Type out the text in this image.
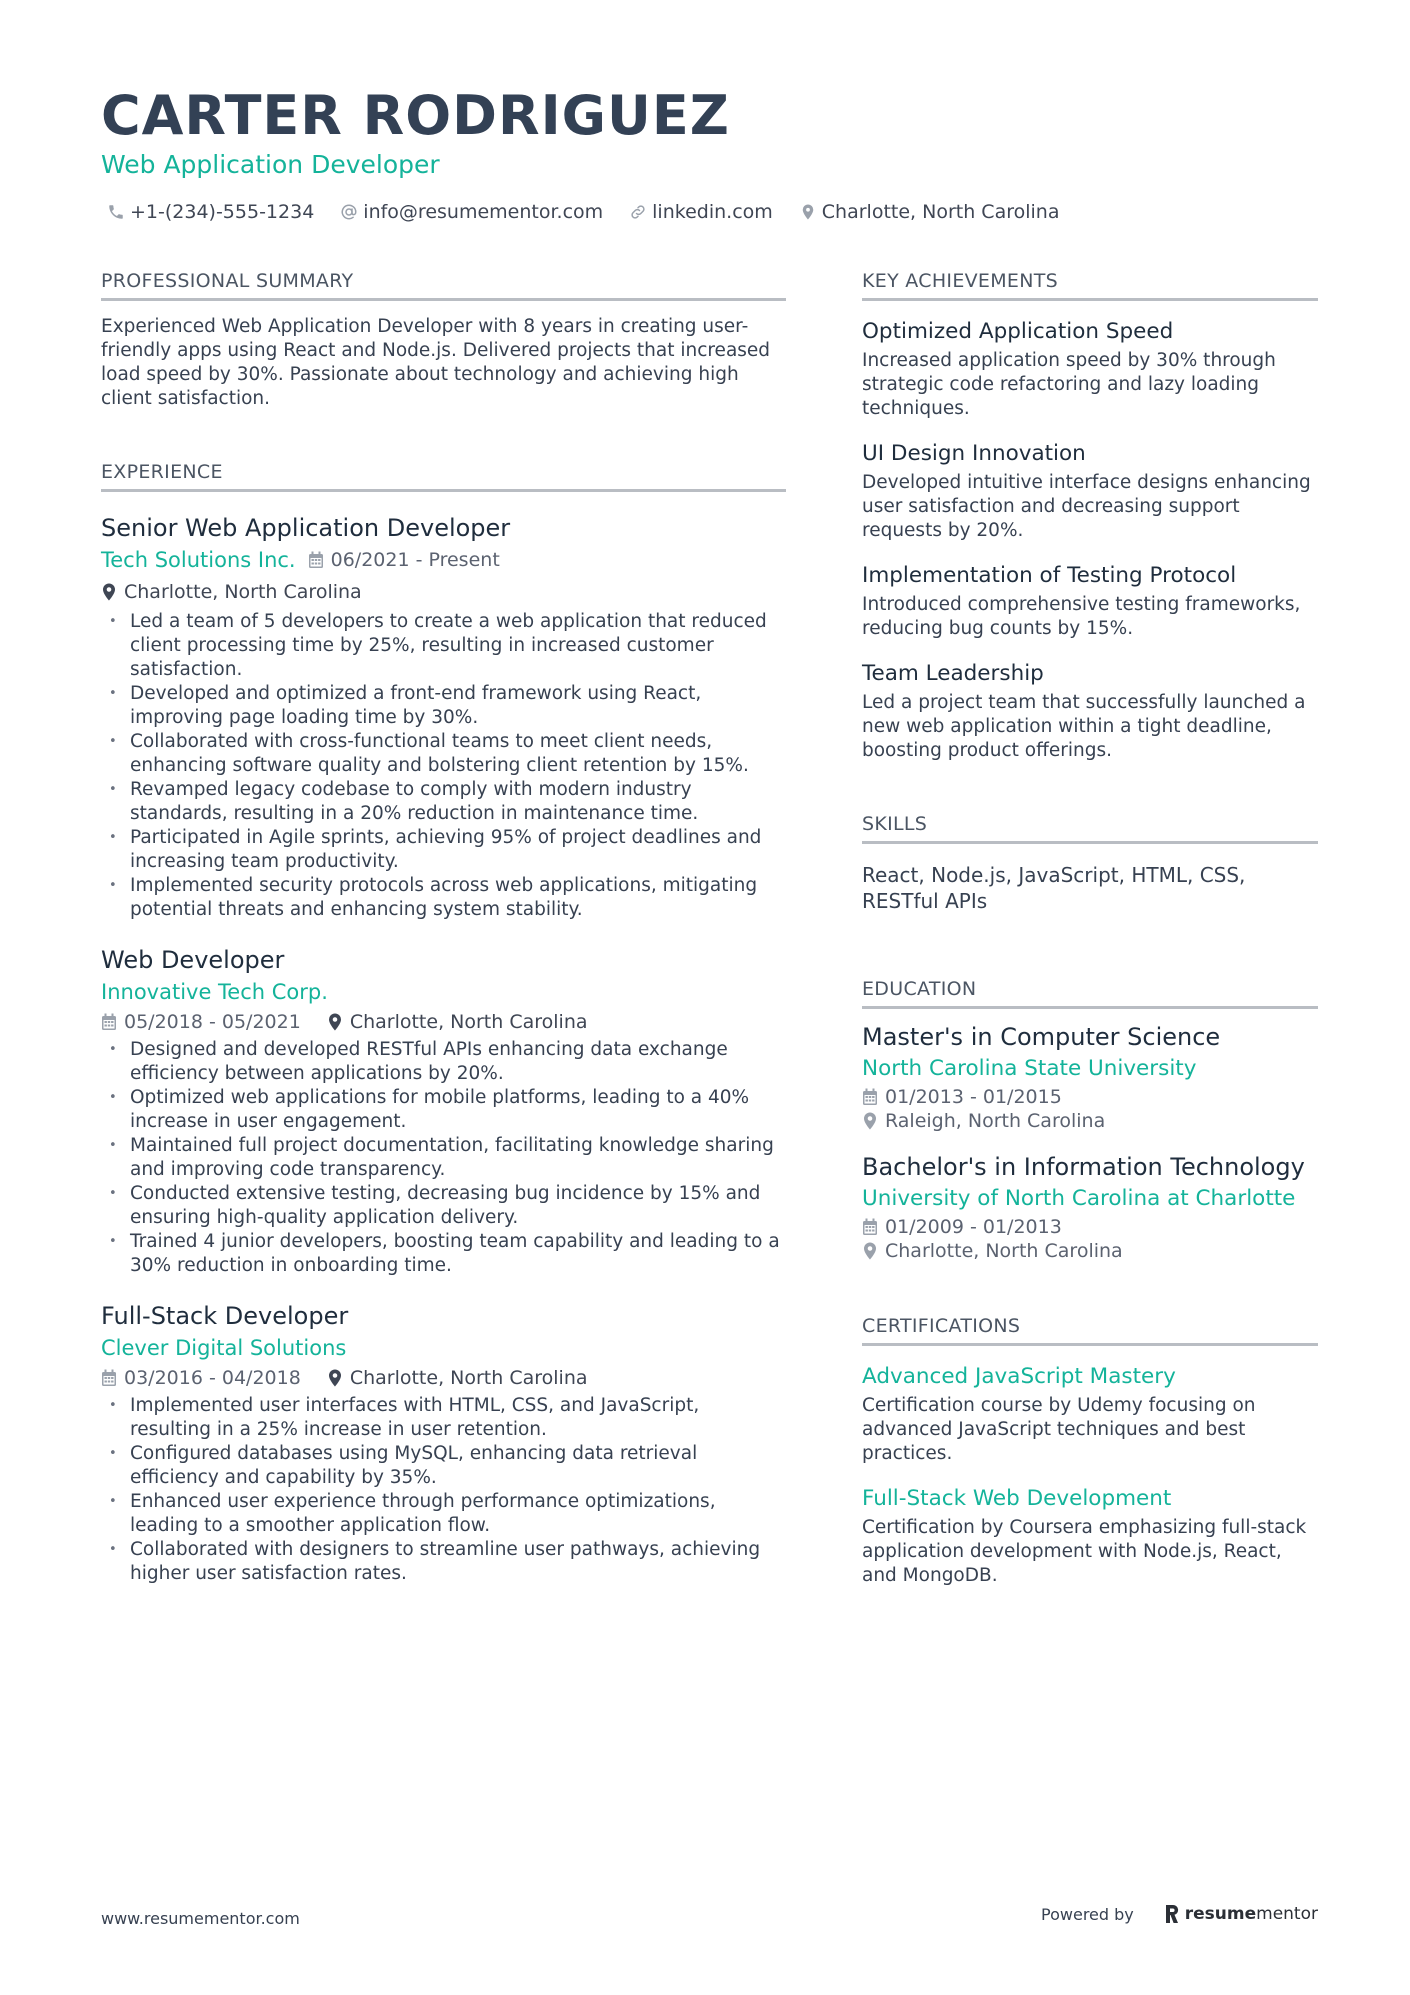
CARTER RODRIGUEZ
Web Application Developer
+1-(234)-555-1234	info@resumementor.com	linkedin.com	Charlotte, North Carolina
PROFESSIONAL SUMMARY
Experienced Web Application Developer with 8 years in creating user-friendly apps using React and Node.js. Delivered projects that increased load speed by 30%. Passionate about technology and achieving high client satisfaction.
EXPERIENCE
Senior Web Application Developer
Tech Solutions Inc. 06/2021 - Present
Charlotte, North Carolina
• Led a team of 5 developers to create a web application that reduced client processing time by 25%, resulting in increased customer satisfaction.
• Developed and optimized a front-end framework using React, improving page loading time by 30%.
• Collaborated with cross-functional teams to meet client needs, enhancing software quality and bolstering client retention by 15%.
• Revamped legacy codebase to comply with modern industry standards, resulting in a 20% reduction in maintenance time.
• Participated in Agile sprints, achieving 95% of project deadlines and increasing team productivity.
• Implemented security protocols across web applications, mitigating potential threats and enhancing system stability.
Web Developer
Innovative Tech Corp.
05/2018 - 05/2021	Charlotte, North Carolina
• Designed and developed RESTful APIs enhancing data exchange efficiency between applications by 20%.
• Optimized web applications for mobile platforms, leading to a 40% increase in user engagement.
• Maintained full project documentation, facilitating knowledge sharing and improving code transparency.
• Conducted extensive testing, decreasing bug incidence by 15% and ensuring high-quality application delivery.
• Trained 4 junior developers, boosting team capability and leading to a 30% reduction in onboarding time.
Full-Stack Developer
Clever Digital Solutions
03/2016 - 04/2018	Charlotte, North Carolina
• Implemented user interfaces with HTML, CSS, and JavaScript, resulting in a 25% increase in user retention.
• Configured databases using MySQL, enhancing data retrieval efficiency and capability by 35%.
• Enhanced user experience through performance optimizations, leading to a smoother application flow.
• Collaborated with designers to streamline user pathways, achieving higher user satisfaction rates.
KEY ACHIEVEMENTS
Optimized Application Speed
Increased application speed by 30% through strategic code refactoring and lazy loading techniques.
UI Design Innovation
Developed intuitive interface designs enhancing user satisfaction and decreasing support requests by 20%.
Implementation of Testing Protocol
Introduced comprehensive testing frameworks, reducing bug counts by 15%.
Team Leadership
Led a project team that successfully launched a new web application within a tight deadline, boosting product offerings.
SKILLS
React, Node.js, JavaScript, HTML, CSS, RESTful APIs
EDUCATION
Master's in Computer Science
North Carolina State University
01/2013 - 01/2015
Raleigh, North Carolina
Bachelor's in Information Technology
University of North Carolina at Charlotte
01/2009 - 01/2013
Charlotte, North Carolina
CERTIFICATIONS
Advanced JavaScript Mastery
Certification course by Udemy focusing on advanced JavaScript techniques and best practices.
Full-Stack Web Development
Certification by Coursera emphasizing full-stack application development with Node.js, React, and MongoDB.
www.resumementor.com	Powered by	resume mentor
